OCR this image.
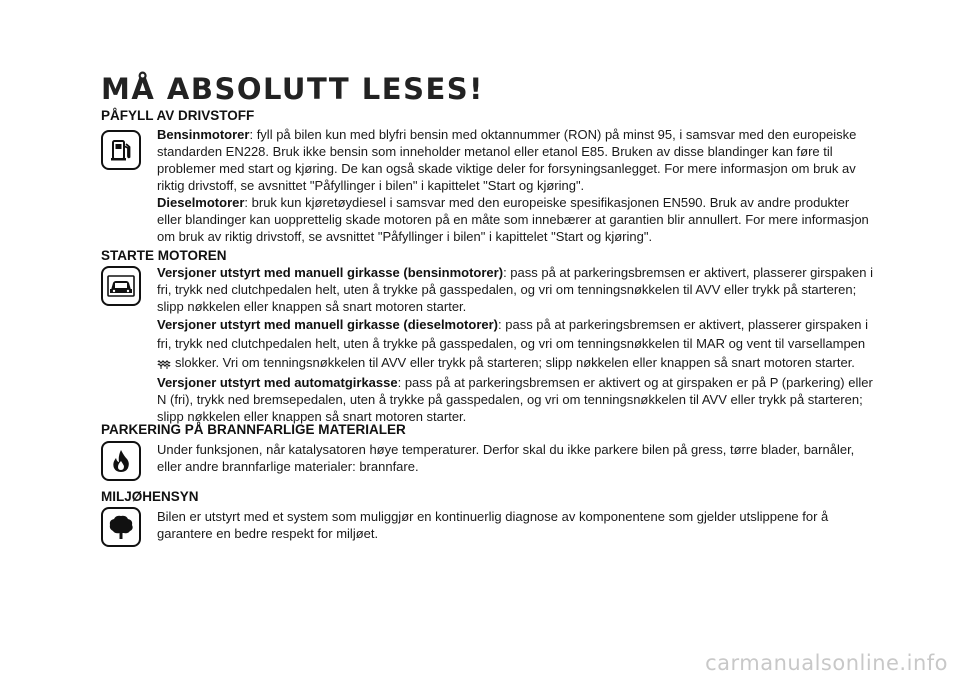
MÅ ABSOLUTT LESES!
PÅFYLL AV DRIVSTOFF

Bensinmotorer: fyll på bilen kun med blyfri bensin med oktannummer (RON) på minst 95, i samsvar med den europeiske standarden EN228. Bruk ikke bensin som inneholder metanol eller etanol E85. Bruken av disse blandinger kan føre til problemer med start og kjøring. De kan også skade viktige deler for forsyningsanlegget. For mere informasjon om bruk av riktig drivstoff, se avsnittet "Påfyllinger i bilen" i kapittelet "Start og kjøring".

Dieselmotorer: bruk kun kjøretøydiesel i samsvar med den europeiske spesifikasjonen EN590. Bruk av andre produkter eller blandinger kan uopprettelig skade motoren på en måte som innebærer at garantien blir annullert. For mere informasjon om bruk av riktig drivstoff, se avsnittet "Påfyllinger i bilen" i kapittelet "Start og kjøring".

STARTE MOTOREN

Versjoner utstyrt med manuell girkasse (bensinmotorer): pass på at parkeringsbremsen er aktivert, plasserer girspaken i fri, trykk ned clutchpedalen helt, uten å trykke på gasspedalen, og vri om tenningsnøkkelen til AVV eller trykk på starteren; slipp nøkkelen eller knappen så snart motoren starter.

Versjoner utstyrt med manuell girkasse (dieselmotorer): pass på at parkeringsbremsen er aktivert, plasserer girspaken i fri, trykk ned clutchpedalen helt, uten å trykke på gasspedalen, og vri om tenningsnøkkelen til MAR og vent til varsellampen
slokker. Vri om tenningsnøkkelen til AVV eller trykk på starteren; slipp nøkkelen eller knappen så snart motoren starter.

Versjoner utstyrt med automatgirkasse: pass på at parkeringsbremsen er aktivert og at girspaken er på P (parkering) eller N (fri), trykk ned bremsepedalen, uten å trykke på gasspedalen, og vri om tenningsnøkkelen til AVV eller trykk på starteren; slipp nøkkelen eller knappen så snart motoren starter.

PARKERING PÅ BRANNFARLIGE MATERIALER

Under funksjonen, når katalysatoren høye temperaturer. Derfor skal du ikke parkere bilen på gress, tørre blader, barnåler, eller andre brannfarlige materialer: brannfare.

MILJØHENSYN

Bilen er utstyrt med et system som muliggjør en kontinuerlig diagnose av komponentene som gjelder utslippene for å garantere en bedre respekt for miljøet.

carmanualsonline.info
